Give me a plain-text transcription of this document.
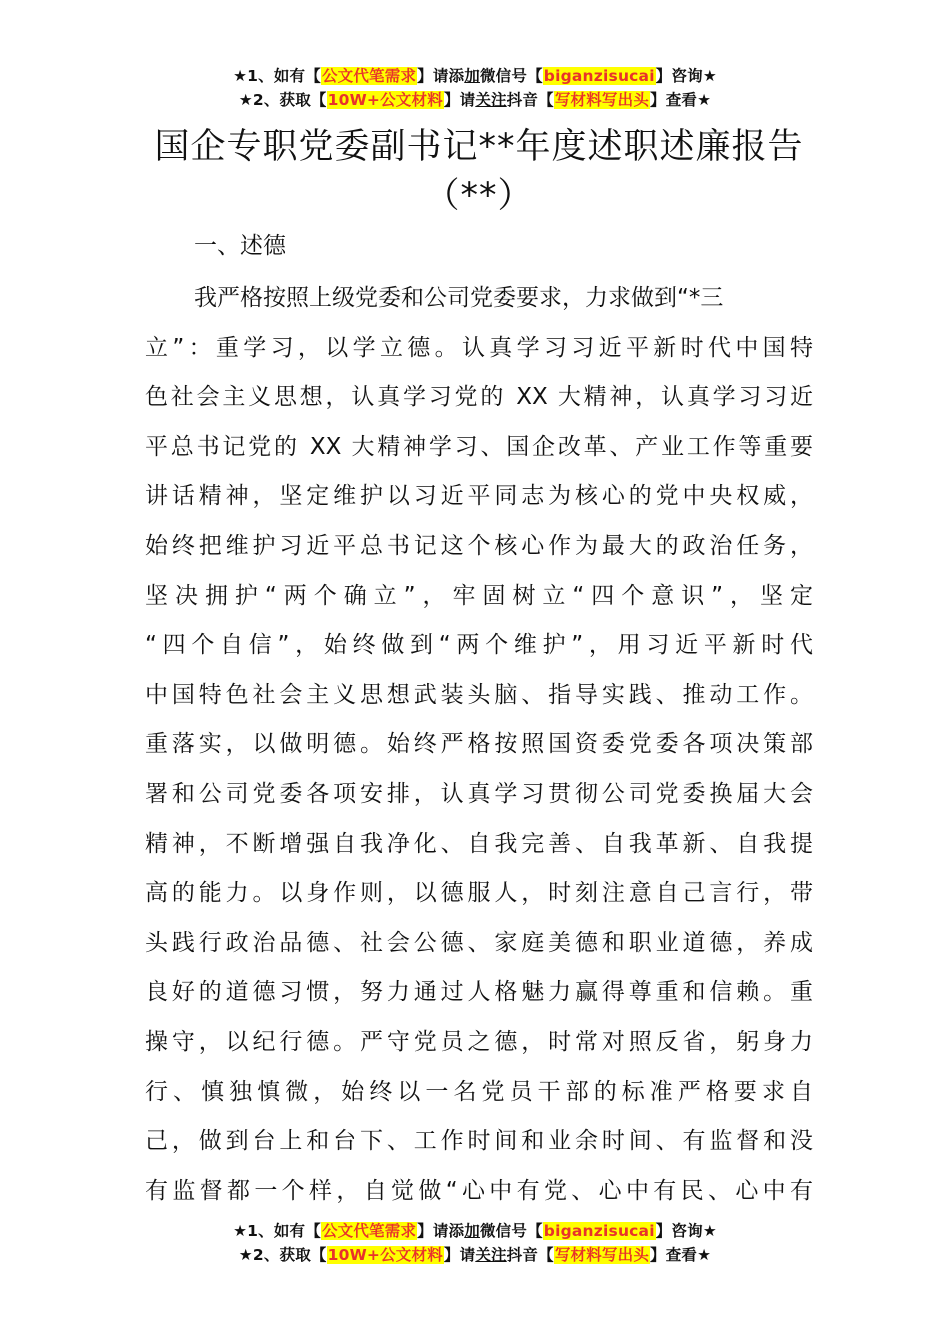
★1、如有【公文代笔需求】请添加微信号【biganzisucai】咨询★
★2、获取【10W+公文材料】请关注抖音【写材料写出头】查看★
国企专职党委副书记**年度述职述廉报告
（**）
一、述德
我严格按照上级党委和公司党委要求，力求做到“*三
立”：重学习，以学立德。认真学习习近平新时代中国特
色社会主义思想，认真学习党的 XX 大精神，认真学习习近
平总书记党的 XX 大精神学习、国企改革、产业工作等重要
讲话精神，坚定维护以习近平同志为核心的党中央权威，
始终把维护习近平总书记这个核心作为最大的政治任务，
坚决拥护“两个确立”，牢固树立“四个意识”，坚定
“四个自信”，始终做到“两个维护”，用习近平新时代
中国特色社会主义思想武装头脑、指导实践、推动工作。
重落实，以做明德。始终严格按照国资委党委各项决策部
署和公司党委各项安排，认真学习贯彻公司党委换届大会
精神，不断增强自我净化、自我完善、自我革新、自我提
高的能力。以身作则，以德服人，时刻注意自己言行，带
头践行政治品德、社会公德、家庭美德和职业道德，养成
良好的道德习惯，努力通过人格魅力赢得尊重和信赖。重
操守，以纪行德。严守党员之德，时常对照反省，躬身力
行、慎独慎微，始终以一名党员干部的标准严格要求自
己，做到台上和台下、工作时间和业余时间、有监督和没
有监督都一个样，自觉做“心中有党、心中有民、心中有
★1、如有【公文代笔需求】请添加微信号【biganzisucai】咨询★
★2、获取【10W+公文材料】请关注抖音【写材料写出头】查看★
